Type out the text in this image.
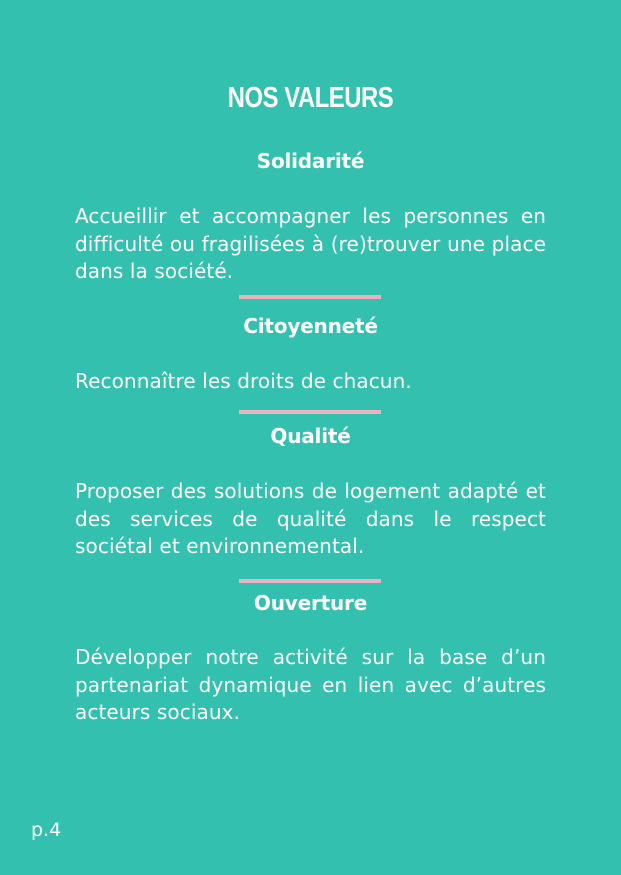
NOS VALEURS
Solidarité
Accueillir et accompagner les personnes en difficulté ou fragilisées à (re)trouver une place dans la société.
Citoyenneté
Reconnaître les droits de chacun.
Qualité
Proposer des solutions de logement adapté et des services de qualité dans le respect sociétal et environnemental.
Ouverture
Développer notre activité sur la base d’un partenariat dynamique en lien avec d’autres acteurs sociaux.
p.4
